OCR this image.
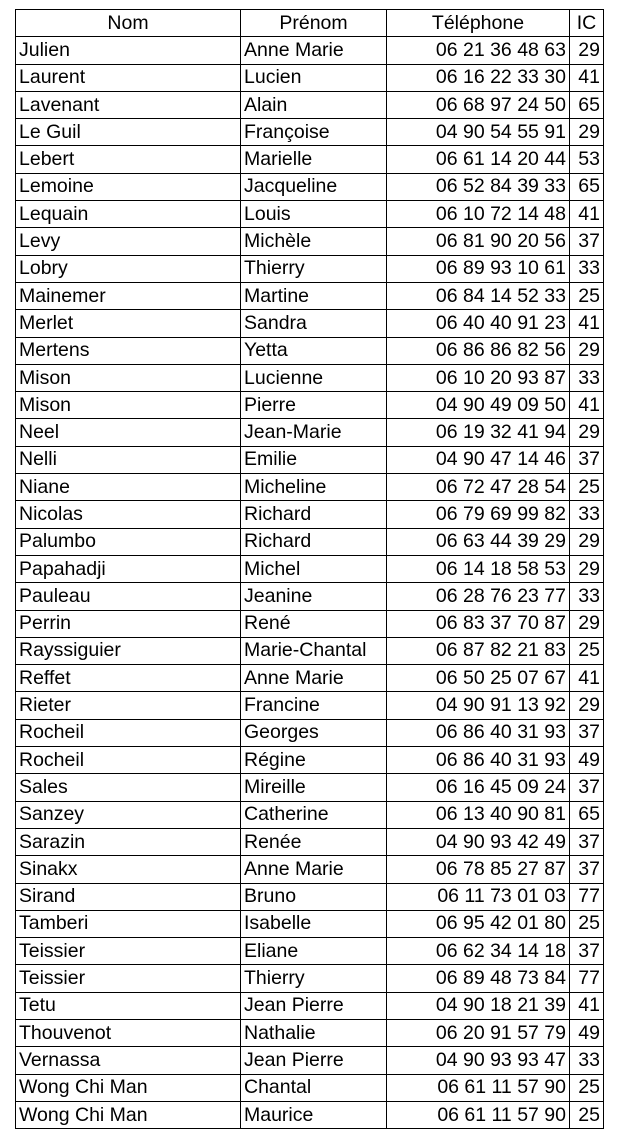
Nom	Prénom	Téléphone	IC
Julien	Anne Marie	06 21 36 48 63	29
Laurent	Lucien	06 16 22 33 30	41
Lavenant	Alain	06 68 97 24 50	65
Le Guil	Françoise	04 90 54 55 91	29
Lebert	Marielle	06 61 14 20 44	53
Lemoine	Jacqueline	06 52 84 39 33	65
Lequain	Louis	06 10 72 14 48	41
Levy	Michèle	06 81 90 20 56	37
Lobry	Thierry	06 89 93 10 61	33
Mainemer	Martine	06 84 14 52 33	25
Merlet	Sandra	06 40 40 91 23	41
Mertens	Yetta	06 86 86 82 56	29
Mison	Lucienne	06 10 20 93 87	33
Mison	Pierre	04 90 49 09 50	41
Neel	Jean-Marie	06 19 32 41 94	29
Nelli	Emilie	04 90 47 14 46	37
Niane	Micheline	06 72 47 28 54	25
Nicolas	Richard	06 79 69 99 82	33
Palumbo	Richard	06 63 44 39 29	29
Papahadji	Michel	06 14 18 58 53	29
Pauleau	Jeanine	06 28 76 23 77	33
Perrin	René	06 83 37 70 87	29
Rayssiguier	Marie-Chantal	06 87 82 21 83	25
Reffet	Anne Marie	06 50 25 07 67	41
Rieter	Francine	04 90 91 13 92	29
Rocheil	Georges	06 86 40 31 93	37
Rocheil	Régine	06 86 40 31 93	49
Sales	Mireille	06 16 45 09 24	37
Sanzey	Catherine	06 13 40 90 81	65
Sarazin	Renée	04 90 93 42 49	37
Sinakx	Anne Marie	06 78 85 27 87	37
Sirand	Bruno	06 11 73 01 03	77
Tamberi	Isabelle	06 95 42 01 80	25
Teissier	Eliane	06 62 34 14 18	37
Teissier	Thierry	06 89 48 73 84	77
Tetu	Jean Pierre	04 90 18 21 39	41
Thouvenot	Nathalie	06 20 91 57 79	49
Vernassa	Jean Pierre	04 90 93 93 47	33
Wong Chi Man	Chantal	06 61 11 57 90	25
Wong Chi Man	Maurice	06 61 11 57 90	25
